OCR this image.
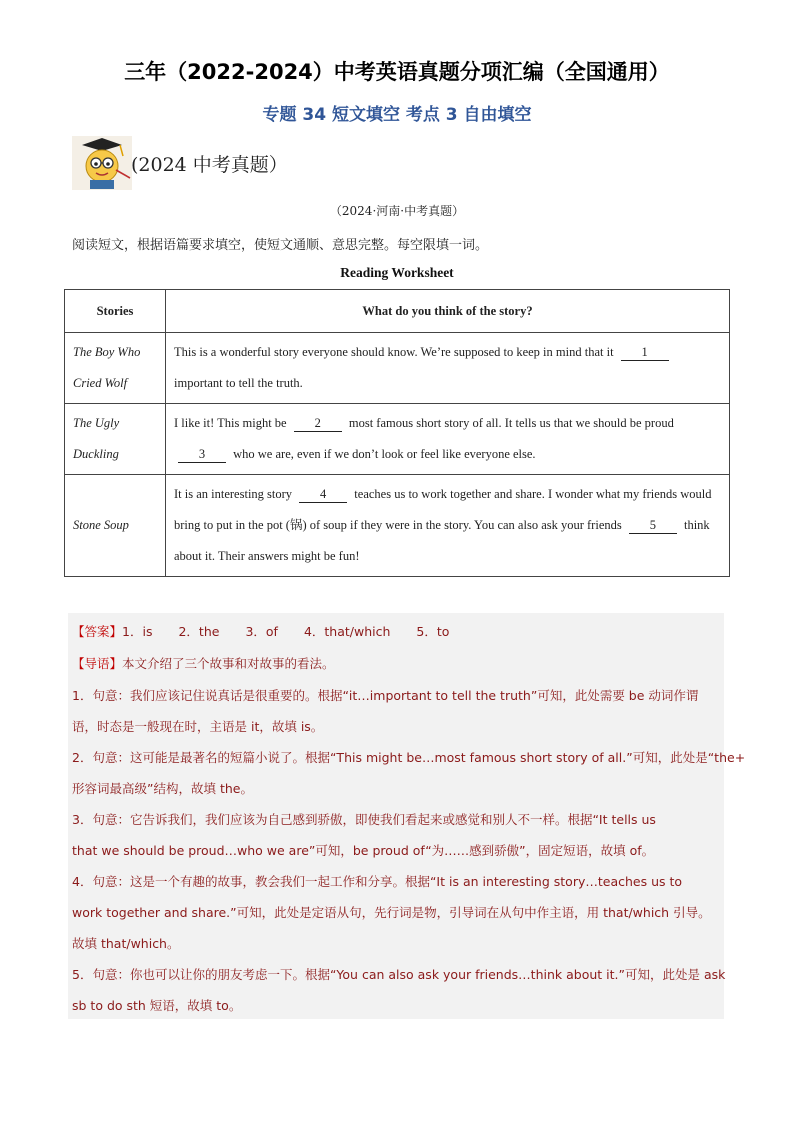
三年（2022-2024）中考英语真题分项汇编（全国通用）
专题 34 短文填空 考点 3 自由填空
(2024 中考真题）
（2024·河南·中考真题）
阅读短文，根据语篇要求填空，使短文通顺、意思完整。每空限填一词。
Reading Worksheet
Stories	What do you think of the story?

The Boy Who
Cried Wolf	This is a wonderful story everyone should know. We’re supposed to keep in mind that it 1 important to tell the truth.

The Ugly
Duckling	I like it! This might be 2 most famous short story of all. It tells us that we should be proud 3 who we are, even if we don’t look or feel like everyone else.

Stone Soup	It is an interesting story 4 teaches us to work together and share. I wonder what my friends would bring to put in the pot (锅) of soup if they were in the story. You can also ask your friends 5 think about it. Their answers might be fun!
【答案】1．is 2．the 3．of 4．that/which 5．to
【导语】本文介绍了三个故事和对故事的看法。
1．句意：我们应该记住说真话是很重要的。根据“it…important to tell the truth”可知，此处需要 be 动词作谓
语，时态是一般现在时，主语是 it，故填 is。
2．句意：这可能是最著名的短篇小说了。根据“This might be…most famous short story of all.”可知，此处是“the+
形容词最高级”结构，故填 the。
3．句意：它告诉我们，我们应该为自己感到骄傲，即使我们看起来或感觉和别人不一样。根据“It tells us
that we should be proud…who we are”可知，be proud of“为……感到骄傲”，固定短语，故填 of。
4．句意：这是一个有趣的故事，教会我们一起工作和分享。根据“It is an interesting story…teaches us to
work together and share.”可知，此处是定语从句，先行词是物，引导词在从句中作主语，用 that/which 引导。
故填 that/which。
5．句意：你也可以让你的朋友考虑一下。根据“You can also ask your friends…think about it.”可知，此处是 ask
sb to do sth 短语，故填 to。
